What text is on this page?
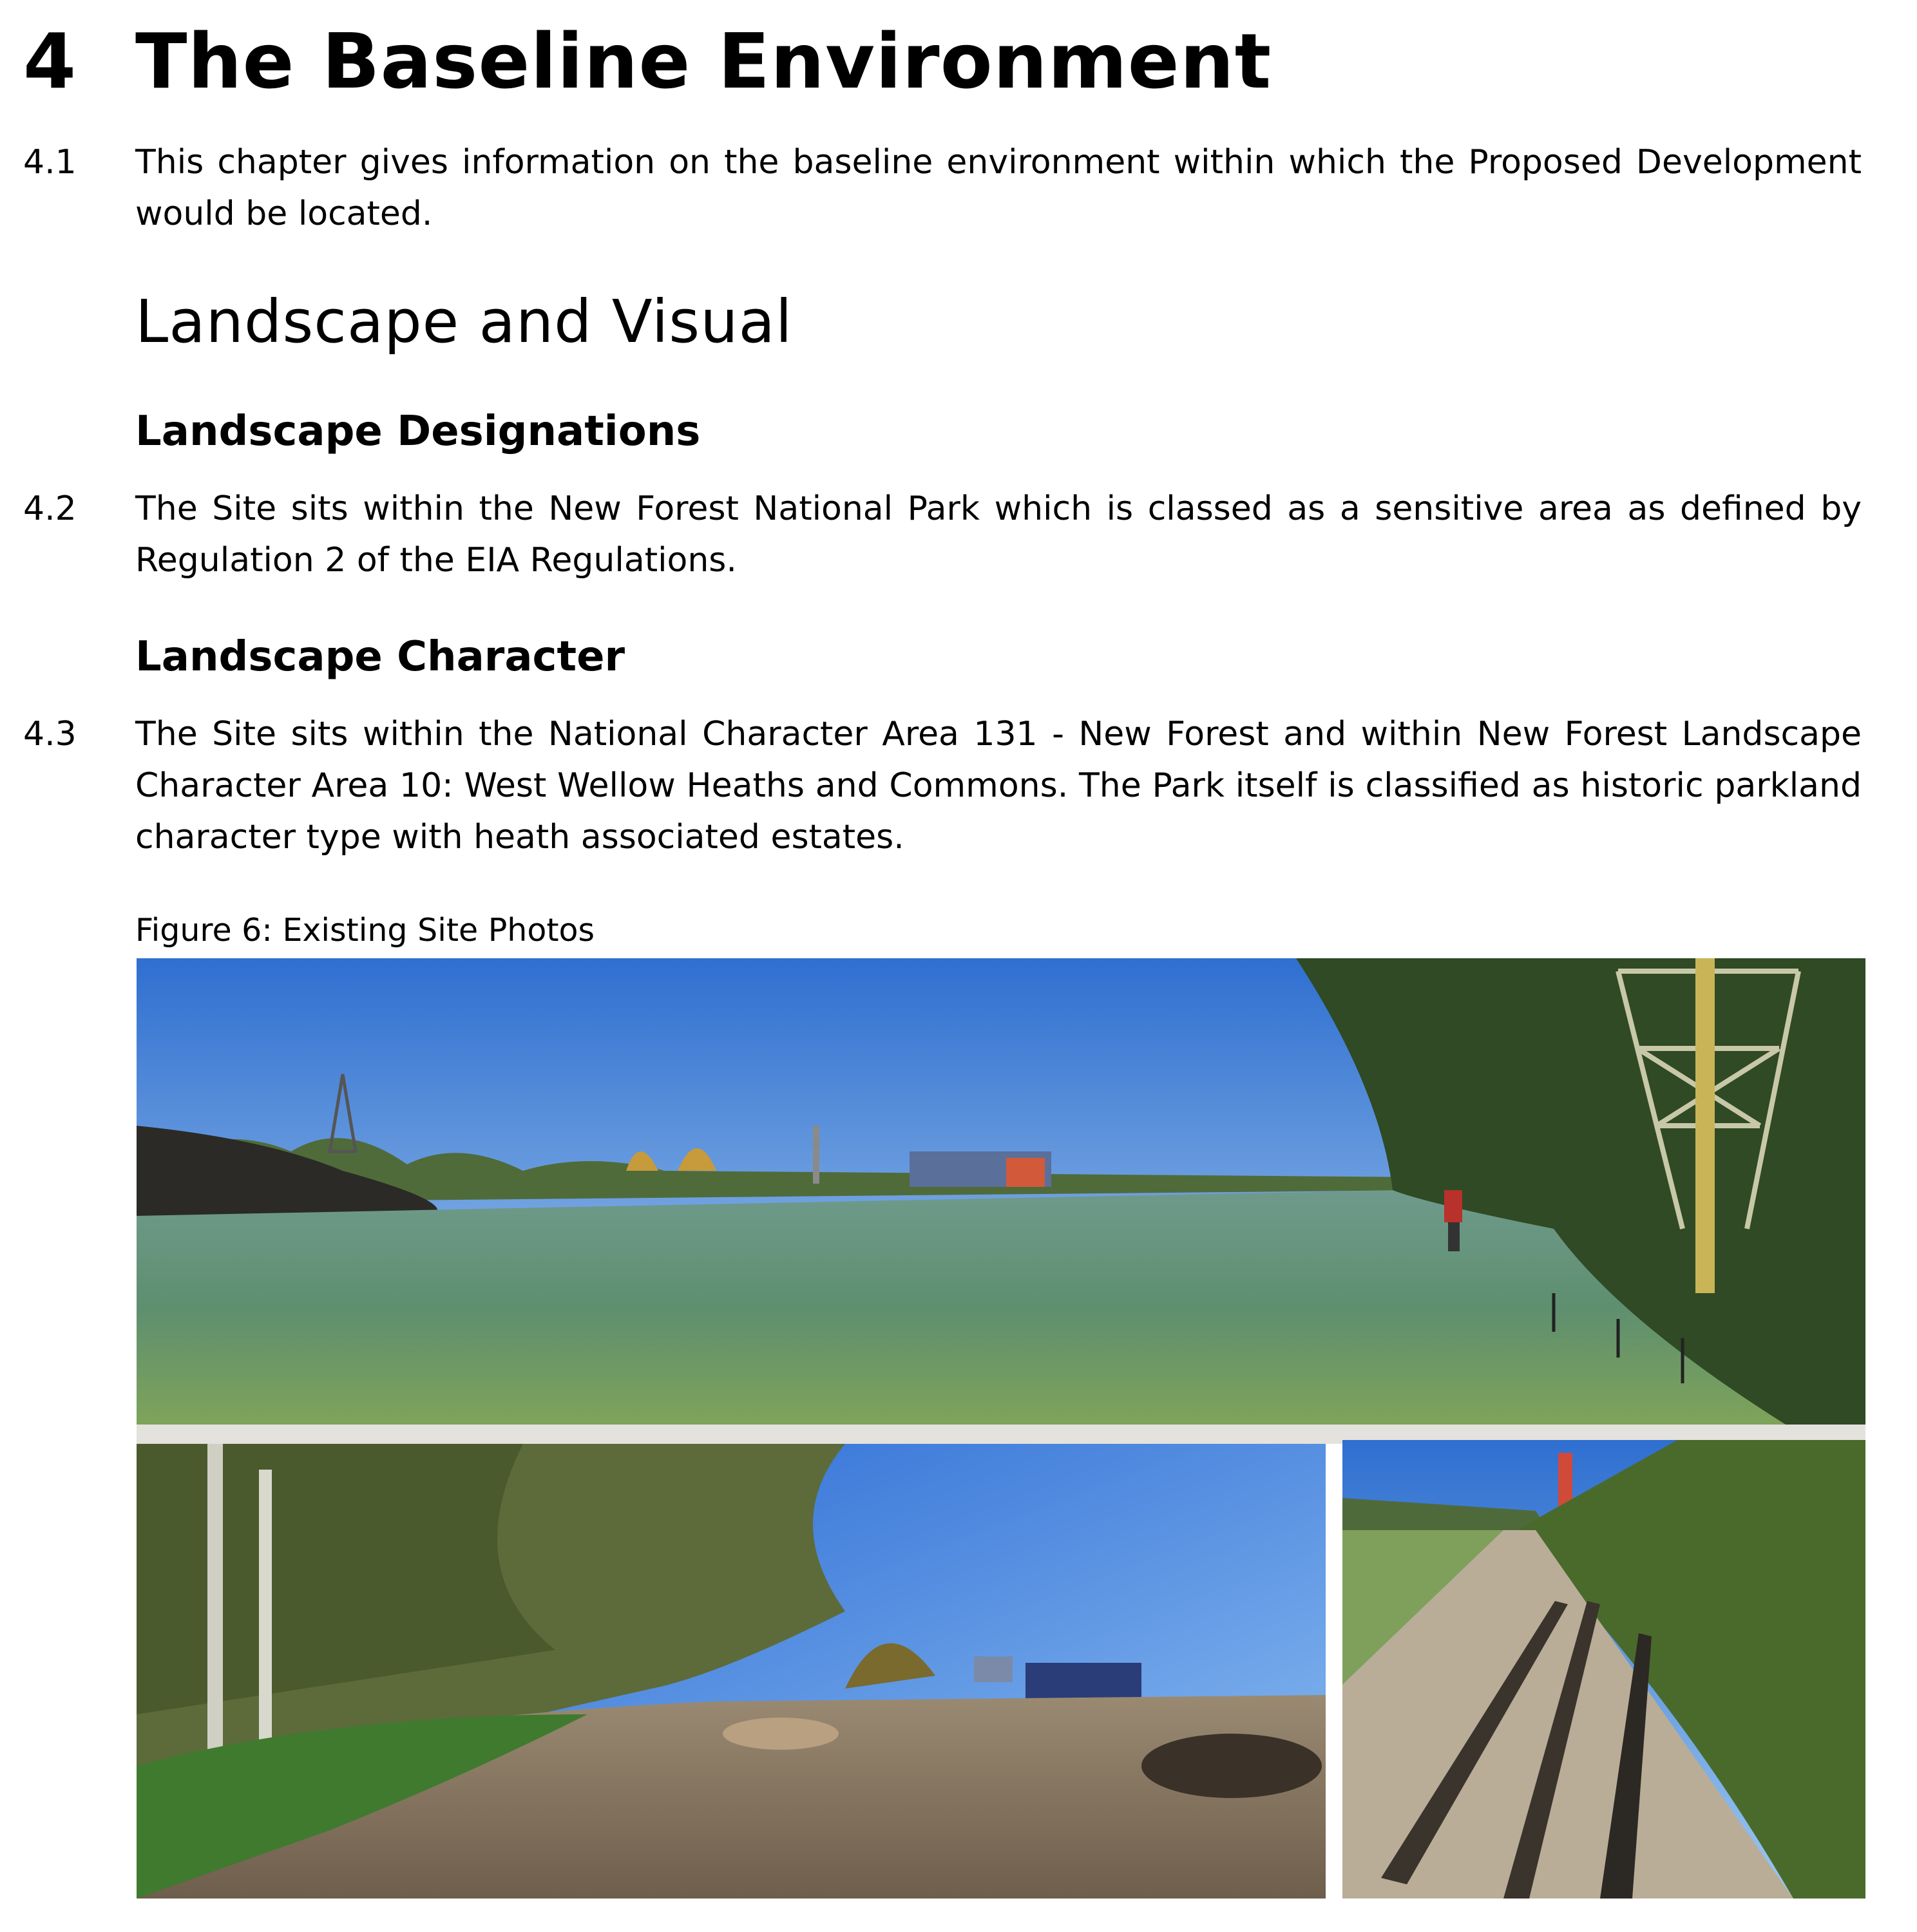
4 The Baseline Environment
4.1 This chapter gives information on the baseline environment within which the Proposed Development would be located.
Landscape and Visual
Landscape Designations
4.2 The Site sits within the New Forest National Park which is classed as a sensitive area as defined by Regulation 2 of the EIA Regulations.
Landscape Character
4.3 The Site sits within the National Character Area 131 - New Forest and within New Forest Landscape Character Area 10: West Wellow Heaths and Commons. The Park itself is classified as historic parkland character type with heath associated estates.
Figure 6: Existing Site Photos
